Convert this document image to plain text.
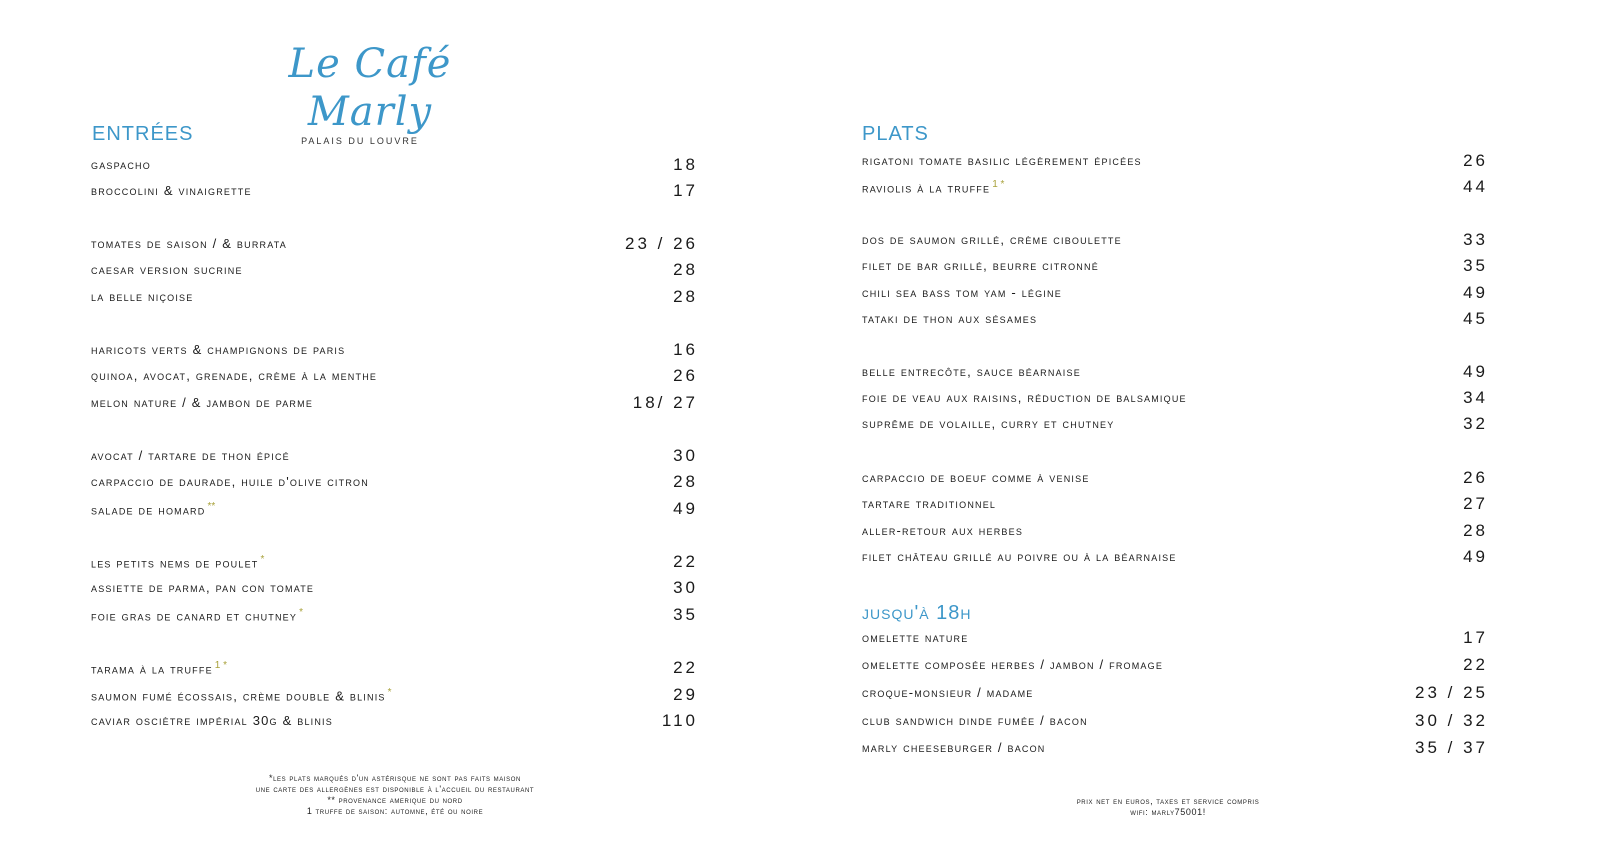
Le Café Marly
PALAIS DU LOUVRE
ENTRÉES
gaspacho	18
broccolini & vinaigrette	17
tomates de saison / & burrata	23 / 26
caesar version sucrine	28
la belle niçoise	28
haricots verts & champignons de paris	16
quinoa, avocat, grenade, crème à la menthe	26
melon nature / & jambon de parme	18/ 27
avocat / tartare de thon épicé	30
carpaccio de daurade, huile d'olive citron	28
salade de homard **	49
les petits nems de poulet *	22
assiette de parma, pan con tomate	30
foie gras de canard et chutney *	35
tarama à la truffe $^{1 *}$	22
saumon fumé écossais, crème double & blinis *	29
caviar osciètre impérial 30g & blinis	110
PLATS
rigatoni tomate basilic légèrement épicées	26
raviolis à la truffe $^{1 *}$	44
dos de saumon grillé, crème ciboulette	33
filet de bar grillé, beurre citronné	35
chili sea bass tom yam - légine	49
tataki de thon aux sésames	45
belle entrecôte, sauce béarnaise	49
foie de veau aux raisins, réduction de balsamique	34
suprême de volaille, curry et chutney	32
carpaccio de boeuf comme à venise	26
tartare traditionnel	27
aller-retour aux herbes	28
filet château grillé au poivre ou à la béarnaise	49
jusqu'à 18h
omelette nature	17
omelette composée herbes / jambon / fromage	22
croque-monsieur / madame	23 / 25
club sandwich dinde fumée / bacon	30 / 32
marly cheeseburger / bacon	35 / 37
*les plats marqués d'un astérisque ne sont pas faits maison
une carte des allergènes est disponible à l'accueil du restaurant
** provenance amerique du nord
1 truffe de saison: automne, été ou noire
prix net en euros, taxes et service compris
wifi: marly75001!
